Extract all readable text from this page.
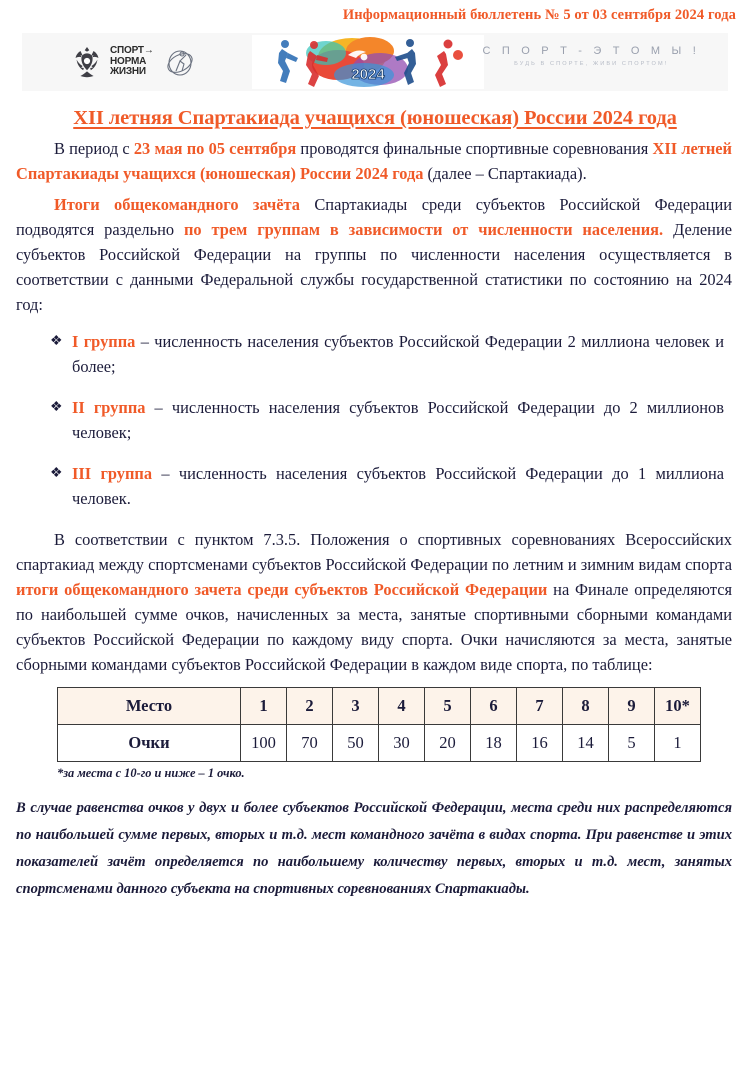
Информационный бюллетень № 5 от 03 сентября 2024 года
СПОРТ→
НОРМА
ЖИЗНИ	2024
С П О Р Т - Э Т О М Ы !
БУДЬ В СПОРТЕ, ЖИВИ СПОРТОМ!
XII летняя Спартакиада учащихся (юношеская) России 2024 года

В период с 23 мая по 05 сентября проводятся финальные спортивные соревнования XII летней Спартакиады учащихся (юношеская) России 2024 года (далее – Спартакиада).

Итоги общекомандного зачёта Спартакиады среди субъектов Российской Федерации подводятся раздельно по трем группам в зависимости от численности населения. Деление субъектов Российской Федерации на группы по численности населения осуществляется в соответствии с данными Федеральной службы государственной статистики по состоянию на 2024 год:

❖ I группа – численность населения субъектов Российской Федерации 2 миллиона человек и более;
❖ II группа – численность населения субъектов Российской Федерации до 2 миллионов человек;
❖ III группа – численность населения субъектов Российской Федерации до 1 миллиона человек.

В соответствии с пунктом 7.3.5. Положения о спортивных соревнованиях Всероссийских спартакиад между спортсменами субъектов Российской Федерации по летним и зимним видам спорта итоги общекомандного зачета среди субъектов Российской Федерации на Финале определяются по наибольшей сумме очков, начисленных за места, занятые спортивными сборными командами субъектов Российской Федерации по каждому виду спорта. Очки начисляются за места, занятые сборными командами субъектов Российской Федерации в каждом виде спорта, по таблице:

Место	1	2	3	4	5	6	7	8	9	10*
Очки	100	70	50	30	20	18	16	14	5	1
*за места с 10-го и ниже – 1 очко.

В случае равенства очков у двух и более субъектов Российской Федерации, места среди них распределяются по наибольшей сумме первых, вторых и т.д. мест командного зачёта в видах спорта. При равенстве и этих показателей зачёт определяется по наибольшему количеству первых, вторых и т.д. мест, занятых спортсменами данного субъекта на спортивных соревнованиях Спартакиады.
